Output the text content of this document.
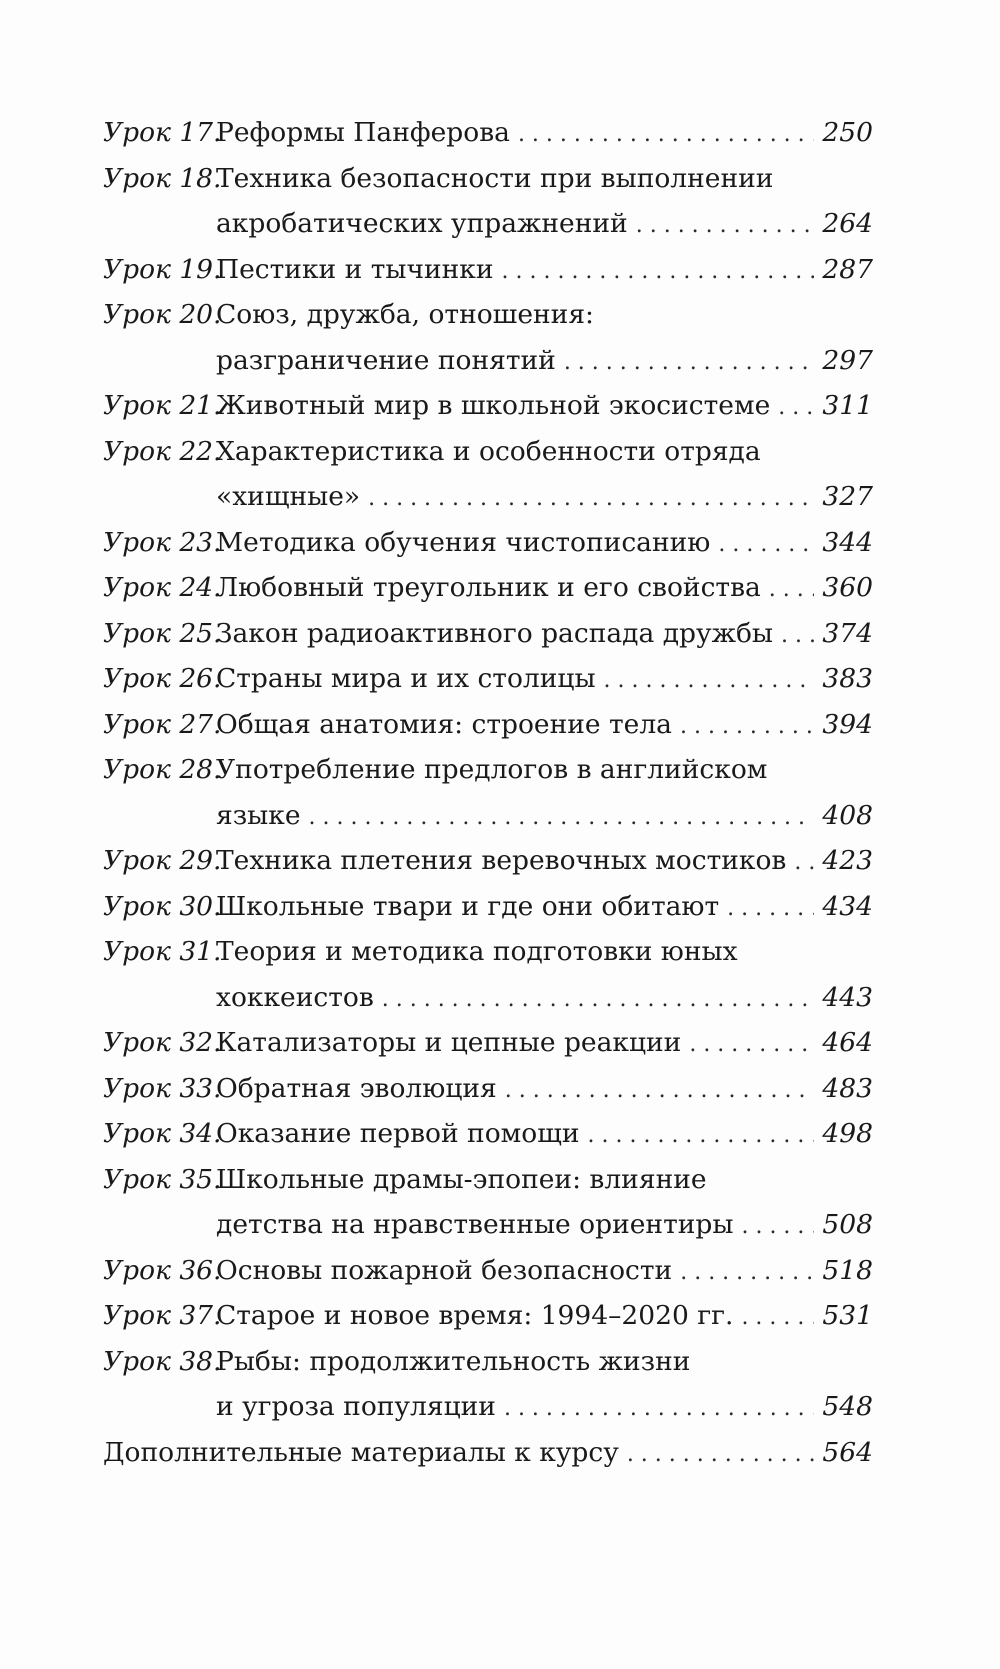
Урок 17.
Реформы Панферова . . .	250
Урок 18.
Техника безопасности при выполнении
акробатических упражнений . . .	264
Урок 19.
Пестики и тычинки . . .	287
Урок 20.
Союз, дружба, отношения:
разграничение понятий . . .	297
Урок 21.
Животный мир в школьной экосистеме . . . 311
Урок 22.
Характеристика и особенности отряда
«хищные» . . .	327
Урок 23.
Методика обучения чистописанию . . .	344
Урок 24.
Любовный треугольник и его свойства . . . 360
Урок 25.
Закон радиоактивного распада дружбы . . . 374
Урок 26.
Страны мира и их столицы . . .	383
Урок 27.
Общая анатомия: строение тела . . .	394
Урок 28.
Употребление предлогов в английском
языке . . .	408
Урок 29.
Техника плетения веревочных мостиков . . . 423
Урок 30.
Школьные твари и где они обитают . . .	434
Урок 31.
Теория и методика подготовки юных
хоккеистов . . .	443
Урок 32.
Катализаторы и цепные реакции . . .	464
Урок 33.
Обратная эволюция . . .	483
Урок 34.
Оказание первой помощи . . .	498
Урок 35.
Школьные драмы-эпопеи: влияние
детства на нравственные ориентиры . . .	508
Урок 36.
Основы пожарной безопасности . . .	518
Урок 37.
Старое и новое время: 1994–2020 гг. . . .	531
Урок 38.
Рыбы: продолжительность жизни
и угроза популяции . . .	548
Дополнительные материалы к курсу . . .	564
